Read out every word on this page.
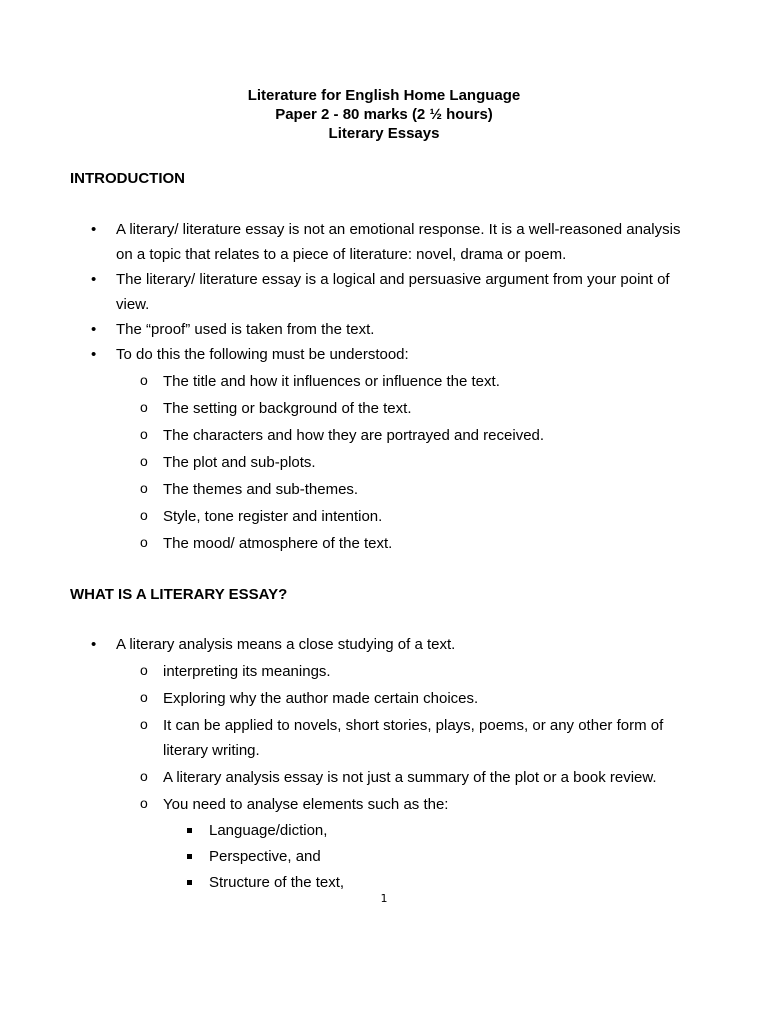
Literature for English Home Language
Paper 2 - 80 marks (2 ½ hours)
Literary Essays
INTRODUCTION
• A literary/ literature essay is not an emotional response. It is a well-reasoned analysis on a topic that relates to a piece of literature: novel, drama or poem.
• The literary/ literature essay is a logical and persuasive argument from your point of view.
• The “proof” used is taken from the text.
• To do this the following must be understood:
o The title and how it influences or influence the text.
o The setting or background of the text.
o The characters and how they are portrayed and received.
o The plot and sub-plots.
o The themes and sub-themes.
o Style, tone register and intention.
o The mood/ atmosphere of the text.
WHAT IS A LITERARY ESSAY?
• A literary analysis means a close studying of a text.
o interpreting its meanings.
o Exploring why the author made certain choices.
o It can be applied to novels, short stories, plays, poems, or any other form of literary writing.
o A literary analysis essay is not just a summary of the plot or a book review.
o You need to analyse elements such as the:
Language/diction,
Perspective, and
Structure of the text,
1
